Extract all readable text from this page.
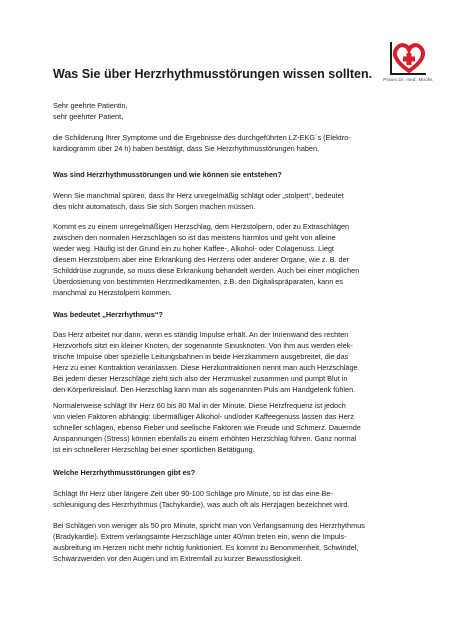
Praxis Dr. med. Mooks
Was Sie über Herzrhythmusstörungen wissen sollten.
Sehr geehrte Patientin,
sehr geehrter Patient,
die Schilderung Ihrer Symptome und die Ergebnisse des durchgeführten LZ-EKG´s (Elektro-
kardiogramm über 24 h) haben bestätigt, dass Sie Herzrhythmusstörungen haben.
Was sind Herzrhythmusstörungen und wie können sie entstehen?
Wenn Sie manchmal spüren, dass Ihr Herz unregelmäßig schlägt oder „stolpert“, bedeutet
dies nicht automatisch, dass Sie sich Sorgen machen müssen.
Kommt es zu einem unregelmäßigen Herzschlag, dem Herzstolpern, oder zu Extraschlägen
zwischen den normalen Herzschlägen so ist das meistens harmlos und geht von alleine
wieder weg. Häufig ist der Grund ein zu hoher Kaffee-, Alkohol- oder Colagenuss. Liegt
diesem Herzstolpern aber eine Erkrankung des Herzens oder anderer Organe, wie z. B. der
Schilddrüse zugrunde, so muss diese Erkrankung behandelt werden. Auch bei einer möglichen
Überdosierung von bestimmten Herzmedikamenten, z.B. den Digitalispräparaten, kann es
manchmal zu Herzstolpern kommen.
Was bedeutet „Herzrhythmus“?
Das Herz arbeitet nur dann, wenn es ständig Impulse erhält. An der Innenwand des rechten
Herzvorhofs sitzt ein kleiner Knoten, der sogenannte Sinusknoten. Von ihm aus werden elek-
trische Impulse über spezielle Leitungsbahnen in beide Herzkammern ausgebreitet, die das
Herz zu einer Kontraktion veranlassen. Diese Herzkontraktionen nennt man auch Herzschläge.
Bei jedem dieser Herzschläge zieht sich also der Herzmuskel zusammen und pumpt Blut in
den Körperkreislauf. Den Herzschlag kann man als sogenannten Puls am Handgelenk fühlen.
Normalerweise schlägt Ihr Herz 60 bis 80 Mal in der Minute. Diese Herzfrequenz ist jedoch
von vielen Faktoren abhängig: übermäßiger Alkohol- und/oder Kaffeegenuss lassen das Herz
schneller schlagen, ebenso Fieber und seelische Faktoren wie Freude und Schmerz. Dauernde
Anspannungen (Stress) können ebenfalls zu einem erhöhten Herzschlag führen. Ganz normal
ist ein schnellerer Herzschlag bei einer sportlichen Betätigung.
Welche Herzrhythmusstörungen gibt es?
Schlägt Ihr Herz über längere Zeit über 90-100 Schläge pro Minute, so ist das eine Be-
schleunigung des Herzrhythmus (Tachykardie), was auch oft als Herzjagen bezeichnet wird.
Bei Schlägen von weniger als 50 pro Minute, spricht man von Verlangsamung des Herzrhythmus
(Bradykardie). Extrem verlangsamte Herzschläge unter 40/min treten ein, wenn die Impuls-
ausbreitung im Herzen nicht mehr richtig funktioniert. Es kommt zu Benommenheit, Schwindel,
Schwarzwerden vor den Augen und im Extremfall zu kurzer Bewusstlosigkeit.
